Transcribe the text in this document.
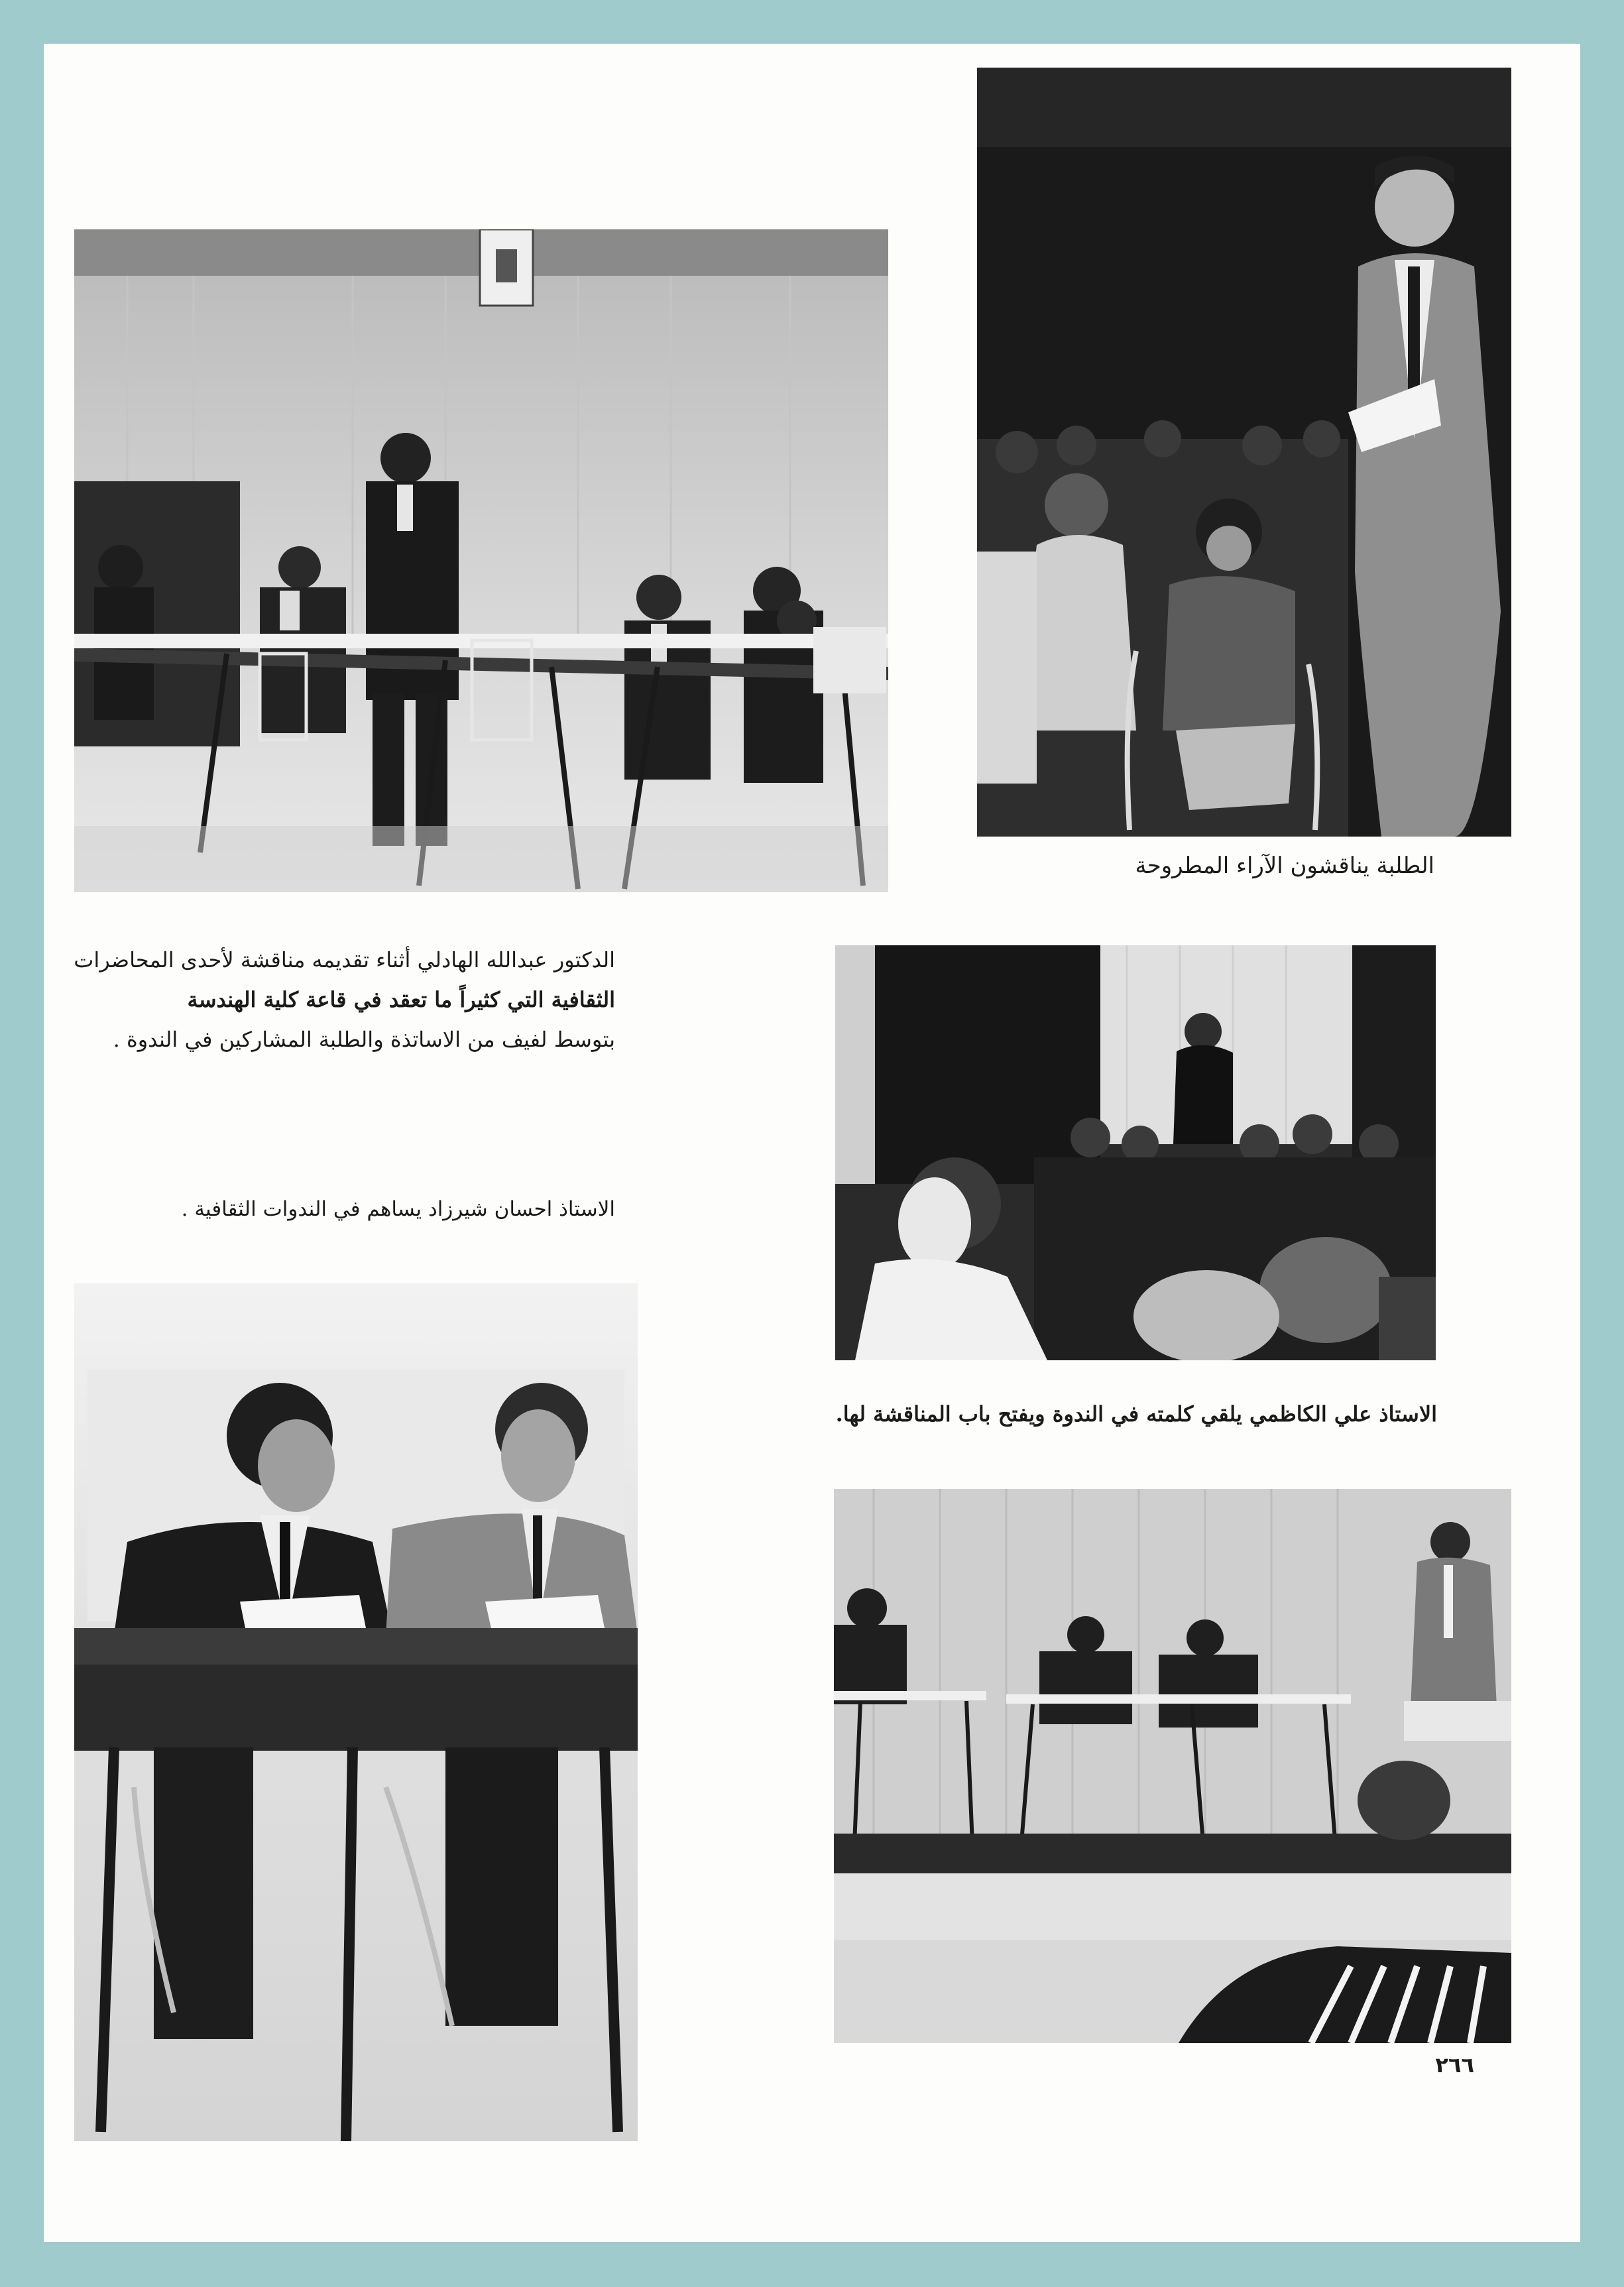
الطلبة يناقشون الآراء المطروحة
الدكتور عبدالله الهادلي أثناء تقديمه مناقشة لأحدى المحاضرات
الثقافية التي كثيراً ما تعقد في قاعة كلية الهندسة
بتوسط لفيف من الاساتذة والطلبة المشاركين في الندوة .
الاستاذ احسان شيرزاد يساهم في الندوات الثقافية .
الاستاذ علي الكاظمي يلقي كلمته في الندوة ويفتح باب المناقشة لها.
٢٦٦
